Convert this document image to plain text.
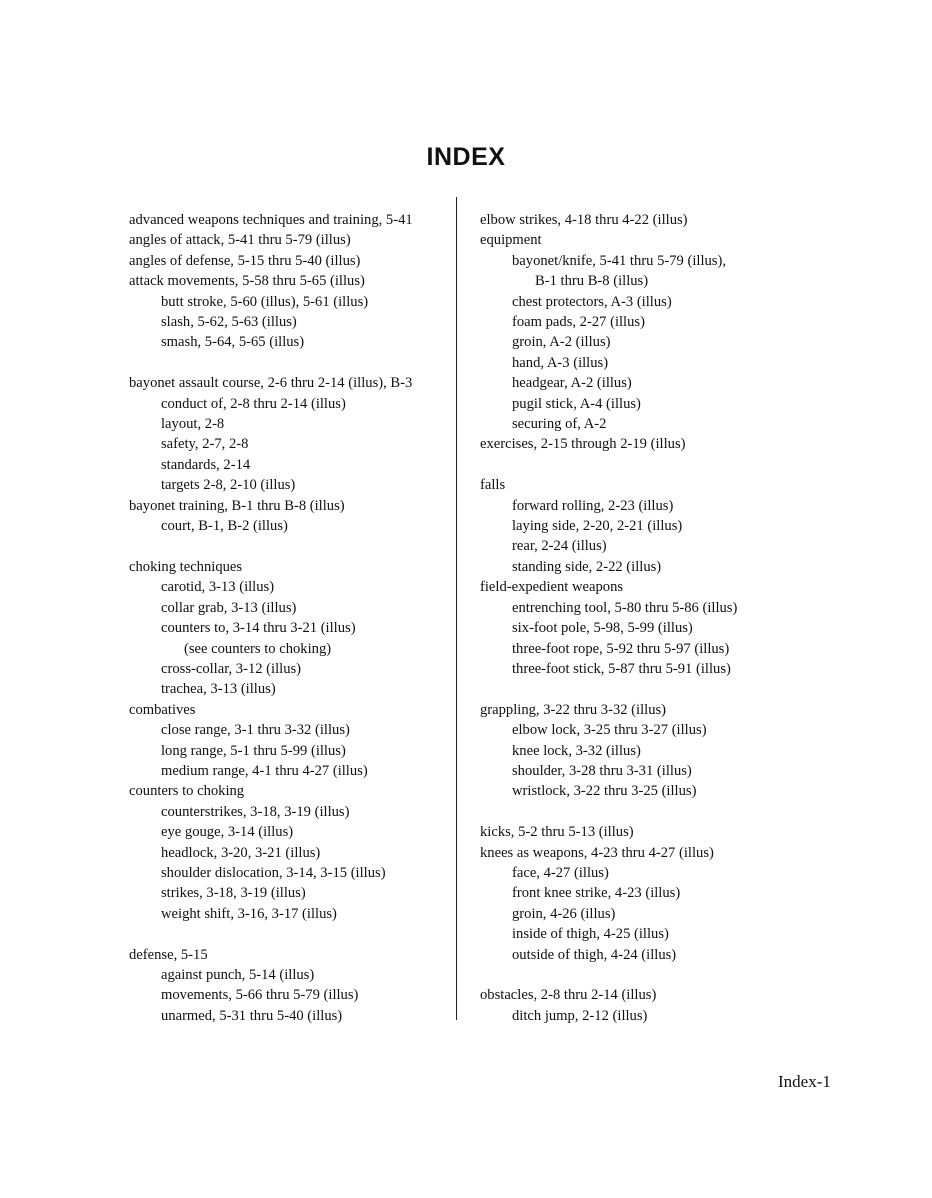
INDEX
advanced weapons techniques and training, 5-41
angles of attack, 5-41 thru 5-79 (illus)
angles of defense, 5-15 thru 5-40 (illus)
attack movements, 5-58 thru 5-65 (illus)
butt stroke, 5-60 (illus), 5-61 (illus)
slash, 5-62, 5-63 (illus)
smash, 5-64, 5-65 (illus)
bayonet assault course, 2-6 thru 2-14 (illus), B-3
conduct of, 2-8 thru 2-14 (illus)
layout, 2-8
safety, 2-7, 2-8
standards, 2-14
targets 2-8, 2-10 (illus)
bayonet training, B-1 thru B-8 (illus)
court, B-1, B-2 (illus)
choking techniques
carotid, 3-13 (illus)
collar grab, 3-13 (illus)
counters to, 3-14 thru 3-21 (illus)
(see counters to choking)
cross-collar, 3-12 (illus)
trachea, 3-13 (illus)
combatives
close range, 3-1 thru 3-32 (illus)
long range, 5-1 thru 5-99 (illus)
medium range, 4-1 thru 4-27 (illus)
counters to choking
counterstrikes, 3-18, 3-19 (illus)
eye gouge, 3-14 (illus)
headlock, 3-20, 3-21 (illus)
shoulder dislocation, 3-14, 3-15 (illus)
strikes, 3-18, 3-19 (illus)
weight shift, 3-16, 3-17 (illus)
defense, 5-15
against punch, 5-14 (illus)
movements, 5-66 thru 5-79 (illus)
unarmed, 5-31 thru 5-40 (illus)
elbow strikes, 4-18 thru 4-22 (illus)
equipment
bayonet/knife, 5-41 thru 5-79 (illus),
B-1 thru B-8 (illus)
chest protectors, A-3 (illus)
foam pads, 2-27 (illus)
groin, A-2 (illus)
hand, A-3 (illus)
headgear, A-2 (illus)
pugil stick, A-4 (illus)
securing of, A-2
exercises, 2-15 through 2-19 (illus)
falls
forward rolling, 2-23 (illus)
laying side, 2-20, 2-21 (illus)
rear, 2-24 (illus)
standing side, 2-22 (illus)
field-expedient weapons
entrenching tool, 5-80 thru 5-86 (illus)
six-foot pole, 5-98, 5-99 (illus)
three-foot rope, 5-92 thru 5-97 (illus)
three-foot stick, 5-87 thru 5-91 (illus)
grappling, 3-22 thru 3-32 (illus)
elbow lock, 3-25 thru 3-27 (illus)
knee lock, 3-32 (illus)
shoulder, 3-28 thru 3-31 (illus)
wristlock, 3-22 thru 3-25 (illus)
kicks, 5-2 thru 5-13 (illus)
knees as weapons, 4-23 thru 4-27 (illus)
face, 4-27 (illus)
front knee strike, 4-23 (illus)
groin, 4-26 (illus)
inside of thigh, 4-25 (illus)
outside of thigh, 4-24 (illus)
obstacles, 2-8 thru 2-14 (illus)
ditch jump, 2-12 (illus)
Index-1
